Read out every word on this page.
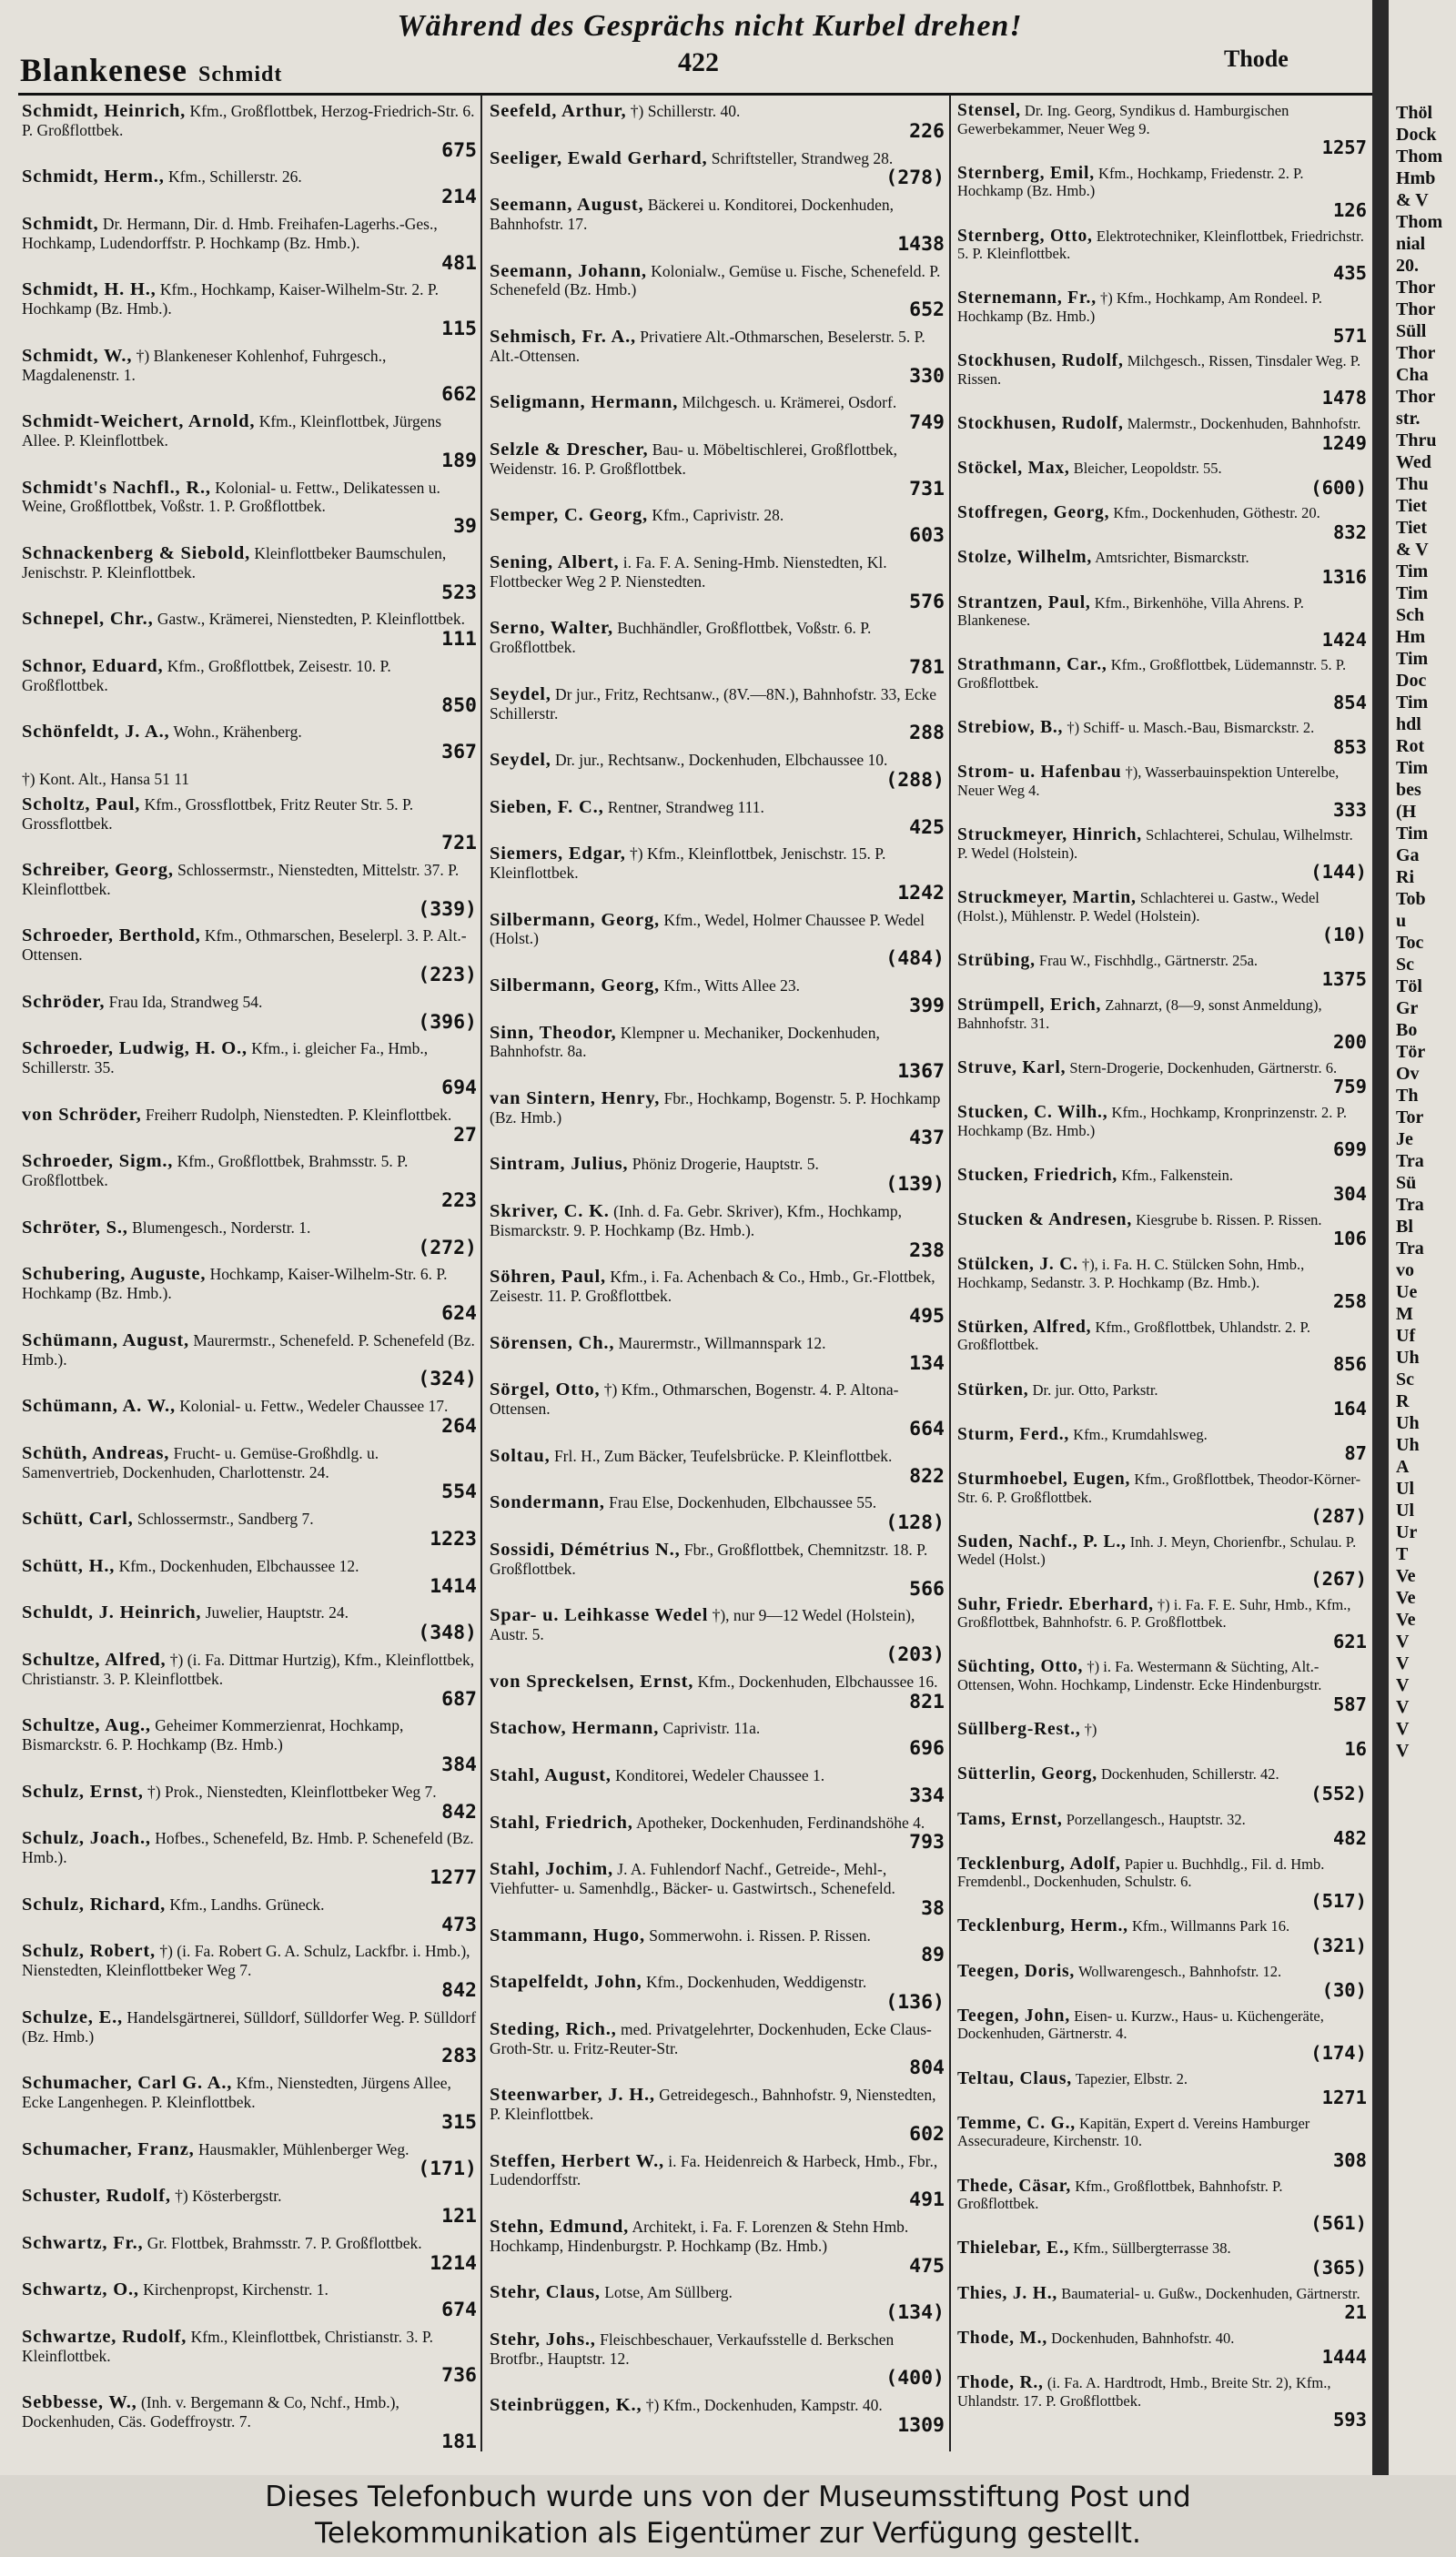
Während des Gesprächs nicht Kurbel drehen!
Blankenese Schmidt	422	Thode
Schmidt, Heinrich, Kfm., Großflottbek, Herzog-Friedrich-Str. 6. P. Großflottbek.
675
Schmidt, Herm., Kfm., Schillerstr. 26.
214
Schmidt, Dr. Hermann, Dir. d. Hmb. Freihafen-Lagerhs.-Ges., Hochkamp, Ludendorffstr. P. Hochkamp (Bz. Hmb.).
481
Schmidt, H. H., Kfm., Hochkamp, Kaiser-Wilhelm-Str. 2. P. Hochkamp (Bz. Hmb.).
115
Schmidt, W., †) Blankeneser Kohlenhof, Fuhrgesch., Magdalenenstr. 1.
662
Schmidt-Weichert, Arnold, Kfm., Kleinflottbek, Jürgens Allee. P. Kleinflottbek.
189
Schmidt's Nachfl., R., Kolonial- u. Fettw., Delikatessen u. Weine, Großflottbek, Voßstr. 1. P. Großflottbek.
39
Schnackenberg & Siebold, Kleinflottbeker Baumschulen, Jenischstr. P. Kleinflottbek.
523
Schnepel, Chr., Gastw., Krämerei, Nienstedten, P. Kleinflottbek.
111
Schnor, Eduard, Kfm., Großflottbek, Zeisestr. 10. P. Großflottbek.
850
Schönfeldt, J. A., Wohn., Krähenberg.
367
†) Kont. Alt., Hansa 51 11
Scholtz, Paul, Kfm., Grossflottbek, Fritz Reuter Str. 5. P. Grossflottbek.
721
Schreiber, Georg, Schlossermstr., Nienstedten, Mittelstr. 37. P. Kleinflottbek.
(339)
Schroeder, Berthold, Kfm., Othmarschen, Beselerpl. 3. P. Alt.-Ottensen.
(223)
Schröder, Frau Ida, Strandweg 54.
(396)
Schroeder, Ludwig, H. O., Kfm., i. gleicher Fa., Hmb., Schillerstr. 35.
694
von Schröder, Freiherr Rudolph, Nienstedten. P. Kleinflottbek.
27
Schroeder, Sigm., Kfm., Großflottbek, Brahmsstr. 5. P. Großflottbek.
223
Schröter, S., Blumengesch., Norderstr. 1.
(272)
Schubering, Auguste, Hochkamp, Kaiser-Wilhelm-Str. 6. P. Hochkamp (Bz. Hmb.).
624
Schümann, August, Maurermstr., Schenefeld. P. Schenefeld (Bz. Hmb.).
(324)
Schümann, A. W., Kolonial- u. Fettw., Wedeler Chaussee 17.
264
Schüth, Andreas, Frucht- u. Gemüse-Großhdlg. u. Samenvertrieb, Dockenhuden, Charlottenstr. 24.
554
Schütt, Carl, Schlossermstr., Sandberg 7.
1223
Schütt, H., Kfm., Dockenhuden, Elbchaussee 12.
1414
Schuldt, J. Heinrich, Juwelier, Hauptstr. 24.
(348)
Schultze, Alfred, †) (i. Fa. Dittmar Hurtzig), Kfm., Kleinflottbek, Christianstr. 3. P. Kleinflottbek.
687
Schultze, Aug., Geheimer Kommerzienrat, Hochkamp, Bismarckstr. 6. P. Hochkamp (Bz. Hmb.)
384
Schulz, Ernst, †) Prok., Nienstedten, Kleinflottbeker Weg 7.
842
Schulz, Joach., Hofbes., Schenefeld, Bz. Hmb. P. Schenefeld (Bz. Hmb.).
1277
Schulz, Richard, Kfm., Landhs. Grüneck.
473
Schulz, Robert, †) (i. Fa. Robert G. A. Schulz, Lackfbr. i. Hmb.), Nienstedten, Kleinflottbeker Weg 7.
842
Schulze, E., Handelsgärtnerei, Sülldorf, Sülldorfer Weg. P. Sülldorf (Bz. Hmb.)
283
Schumacher, Carl G. A., Kfm., Nienstedten, Jürgens Allee, Ecke Langenhegen. P. Kleinflottbek.
315
Schumacher, Franz, Hausmakler, Mühlenberger Weg.
(171)
Schuster, Rudolf, †) Kösterbergstr.
121
Schwartz, Fr., Gr. Flottbek, Brahmsstr. 7. P. Großflottbek.
1214
Schwartz, O., Kirchenpropst, Kirchenstr. 1.
674
Schwartze, Rudolf, Kfm., Kleinflottbek, Christianstr. 3. P. Kleinflottbek.
736
Sebbesse, W., (Inh. v. Bergemann & Co, Nchf., Hmb.), Dockenhuden, Cäs. Godeffroystr. 7.
181
Seefeld, Arthur, †) Schillerstr. 40.
226
Seeliger, Ewald Gerhard, Schriftsteller, Strandweg 28.
(278)
Seemann, August, Bäckerei u. Konditorei, Dockenhuden, Bahnhofstr. 17.
1438
Seemann, Johann, Kolonialw., Gemüse u. Fische, Schenefeld. P. Schenefeld (Bz. Hmb.)
652
Sehmisch, Fr. A., Privatiere Alt.-Othmarschen, Beselerstr. 5. P. Alt.-Ottensen.
330
Seligmann, Hermann, Milchgesch. u. Krämerei, Osdorf.
749
Selzle & Drescher, Bau- u. Möbeltischlerei, Großflottbek, Weidenstr. 16. P. Großflottbek.
731
Semper, C. Georg, Kfm., Caprivistr. 28.
603
Sening, Albert, i. Fa. F. A. Sening-Hmb. Nienstedten, Kl. Flottbecker Weg 2 P. Nienstedten.
576
Serno, Walter, Buchhändler, Großflottbek, Voßstr. 6. P. Großflottbek.
781
Seydel, Dr jur., Fritz, Rechtsanw., (8V.—8N.), Bahnhofstr. 33, Ecke Schillerstr.
288
Seydel, Dr. jur., Rechtsanw., Dockenhuden, Elbchaussee 10.
(288)
Sieben, F. C., Rentner, Strandweg 111.
425
Siemers, Edgar, †) Kfm., Kleinflottbek, Jenischstr. 15. P. Kleinflottbek.
1242
Silbermann, Georg, Kfm., Wedel, Holmer Chaussee P. Wedel (Holst.)
(484)
Silbermann, Georg, Kfm., Witts Allee 23.
399
Sinn, Theodor, Klempner u. Mechaniker, Dockenhuden, Bahnhofstr. 8a.
1367
van Sintern, Henry, Fbr., Hochkamp, Bogenstr. 5. P. Hochkamp (Bz. Hmb.)
437
Sintram, Julius, Phöniz Drogerie, Hauptstr. 5.
(139)
Skriver, C. K. (Inh. d. Fa. Gebr. Skriver), Kfm., Hochkamp, Bismarckstr. 9. P. Hochkamp (Bz. Hmb.).
238
Söhren, Paul, Kfm., i. Fa. Achenbach & Co., Hmb., Gr.-Flottbek, Zeisestr. 11. P. Großflottbek.
495
Sörensen, Ch., Maurermstr., Willmannspark 12.
134
Sörgel, Otto, †) Kfm., Othmarschen, Bogenstr. 4. P. Altona-Ottensen.
664
Soltau, Frl. H., Zum Bäcker, Teufelsbrücke. P. Kleinflottbek.
822
Sondermann, Frau Else, Dockenhuden, Elbchaussee 55.
(128)
Sossidi, Démétrius N., Fbr., Großflottbek, Chemnitzstr. 18. P. Großflottbek.
566
Spar- u. Leihkasse Wedel †), nur 9—12 Wedel (Holstein), Austr. 5.
(203)
von Spreckelsen, Ernst, Kfm., Dockenhuden, Elbchaussee 16.
821
Stachow, Hermann, Caprivistr. 11a.
696
Stahl, August, Konditorei, Wedeler Chaussee 1.
334
Stahl, Friedrich, Apotheker, Dockenhuden, Ferdinandshöhe 4.
793
Stahl, Jochim, J. A. Fuhlendorf Nachf., Getreide-, Mehl-, Viehfutter- u. Samenhdlg., Bäcker- u. Gastwirtsch., Schenefeld.
38
Stammann, Hugo, Sommerwohn. i. Rissen. P. Rissen.
89
Stapelfeldt, John, Kfm., Dockenhuden, Weddigenstr.
(136)
Steding, Rich., med. Privatgelehrter, Dockenhuden, Ecke Claus-Groth-Str. u. Fritz-Reuter-Str.
804
Steenwarber, J. H., Getreidegesch., Bahnhofstr. 9, Nienstedten, P. Kleinflottbek.
602
Steffen, Herbert W., i. Fa. Heidenreich & Harbeck, Hmb., Fbr., Ludendorffstr.
491
Stehn, Edmund, Architekt, i. Fa. F. Lorenzen & Stehn Hmb. Hochkamp, Hindenburgstr. P. Hochkamp (Bz. Hmb.)
475
Stehr, Claus, Lotse, Am Süllberg.
(134)
Stehr, Johs., Fleischbeschauer, Verkaufsstelle d. Berkschen Brotfbr., Hauptstr. 12.
(400)
Steinbrüggen, K., †) Kfm., Dockenhuden, Kampstr. 40.
1309
Stensel, Dr. Ing. Georg, Syndikus d. Hamburgischen Gewerbekammer, Neuer Weg 9.
1257
Sternberg, Emil, Kfm., Hochkamp, Friedenstr. 2. P. Hochkamp (Bz. Hmb.)
126
Sternberg, Otto, Elektrotechniker, Kleinflottbek, Friedrichstr. 5. P. Kleinflottbek.
435
Sternemann, Fr., †) Kfm., Hochkamp, Am Rondeel. P. Hochkamp (Bz. Hmb.)
571
Stockhusen, Rudolf, Milchgesch., Rissen, Tinsdaler Weg. P. Rissen.
1478
Stockhusen, Rudolf, Malermstr., Dockenhuden, Bahnhofstr.
1249
Stöckel, Max, Bleicher, Leopoldstr. 55.
(600)
Stoffregen, Georg, Kfm., Dockenhuden, Göthestr. 20.
832
Stolze, Wilhelm, Amtsrichter, Bismarckstr.
1316
Strantzen, Paul, Kfm., Birkenhöhe, Villa Ahrens. P. Blankenese.
1424
Strathmann, Car., Kfm., Großflottbek, Lüdemannstr. 5. P. Großflottbek.
854
Strebiow, B., †) Schiff- u. Masch.-Bau, Bismarckstr. 2.
853
Strom- u. Hafenbau †), Wasserbauinspektion Unterelbe, Neuer Weg 4.
333
Struckmeyer, Hinrich, Schlachterei, Schulau, Wilhelmstr. P. Wedel (Holstein).
(144)
Struckmeyer, Martin, Schlachterei u. Gastw., Wedel (Holst.), Mühlenstr. P. Wedel (Holstein).
(10)
Strübing, Frau W., Fischhdlg., Gärtnerstr. 25a.
1375
Strümpell, Erich, Zahnarzt, (8—9, sonst Anmeldung), Bahnhofstr. 31.
200
Struve, Karl, Stern-Drogerie, Dockenhuden, Gärtnerstr. 6.
759
Stucken, C. Wilh., Kfm., Hochkamp, Kronprinzenstr. 2. P. Hochkamp (Bz. Hmb.)
699
Stucken, Friedrich, Kfm., Falkenstein.
304
Stucken & Andresen, Kiesgrube b. Rissen. P. Rissen.
106
Stülcken, J. C. †), i. Fa. H. C. Stülcken Sohn, Hmb., Hochkamp, Sedanstr. 3. P. Hochkamp (Bz. Hmb.).
258
Stürken, Alfred, Kfm., Großflottbek, Uhlandstr. 2. P. Großflottbek.
856
Stürken, Dr. jur. Otto, Parkstr.
164
Sturm, Ferd., Kfm., Krumdahlsweg.
87
Sturmhoebel, Eugen, Kfm., Großflottbek, Theodor-Körner-Str. 6. P. Großflottbek.
(287)
Suden, Nachf., P. L., Inh. J. Meyn, Chorienfbr., Schulau. P. Wedel (Holst.)
(267)
Suhr, Friedr. Eberhard, †) i. Fa. F. E. Suhr, Hmb., Kfm., Großflottbek, Bahnhofstr. 6. P. Großflottbek.
621
Süchting, Otto, †) i. Fa. Westermann & Süchting, Alt.-Ottensen, Wohn. Hochkamp, Lindenstr. Ecke Hindenburgstr.
587
Süllberg-Rest., †)
16
Sütterlin, Georg, Dockenhuden, Schillerstr. 42.
(552)
Tams, Ernst, Porzellangesch., Hauptstr. 32.
482
Tecklenburg, Adolf, Papier u. Buchhdlg., Fil. d. Hmb. Fremdenbl., Dockenhuden, Schulstr. 6.
(517)
Tecklenburg, Herm., Kfm., Willmanns Park 16.
(321)
Teegen, Doris, Wollwarengesch., Bahnhofstr. 12.
(30)
Teegen, John, Eisen- u. Kurzw., Haus- u. Küchengeräte, Dockenhuden, Gärtnerstr. 4.
(174)
Teltau, Claus, Tapezier, Elbstr. 2.
1271
Temme, C. G., Kapitän, Expert d. Vereins Hamburger Assecuradeure, Kirchenstr. 10.
308
Thede, Cäsar, Kfm., Großflottbek, Bahnhofstr. P. Großflottbek.
(561)
Thielebar, E., Kfm., Süllbergterrasse 38.
(365)
Thies, J. H., Baumaterial- u. Gußw., Dockenhuden, Gärtnerstr.
21
Thode, M., Dockenhuden, Bahnhofstr. 40.
1444
Thode, R., (i. Fa. A. Hardtrodt, Hmb., Breite Str. 2), Kfm., Uhlandstr. 17. P. Großflottbek.
593
Thöl
Dock
Thom
Hmb
& V
Thom
nial
20.
Thor
Thor
Süll
Thor
Cha
Thor
str.
Thru
Wed
Thu
Tiet
Tiet
& V
Tim
Tim
Sch
Hm
Tim
Doc
Tim
hdl
Rot
Tim
bes
(H
Tim
Ga
Ri
Tob
u
Toc
Sc
Töl
Gr
Bo
Tör
Ov
Th
Tor
Je
Tra
Sü
Tra
Bl
Tra
vo
Ue
M
Uf
Uh
Sc
R
Uh
Uh
A
Ul
Ul
Ur
T
Ve
Ve
Ve
V
V
V
V
V
V
Dieses Telefonbuch wurde uns von der Museumsstiftung Post und
Telekommunikation als Eigentümer zur Verfügung gestellt.
